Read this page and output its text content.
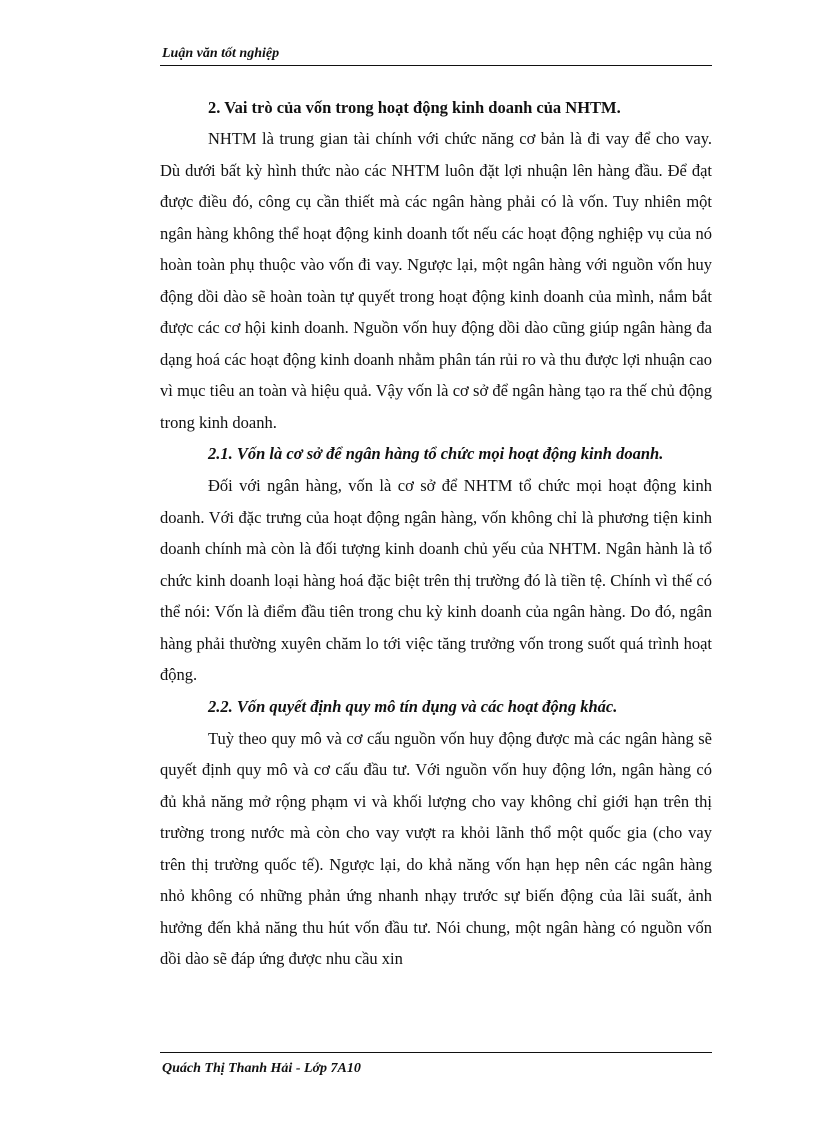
Luận văn tốt nghiệp

2. Vai trò của vốn trong hoạt động kinh doanh của NHTM.

NHTM là trung gian tài chính với chức năng cơ bản là đi vay để cho vay. Dù dưới bất kỳ hình thức nào các NHTM luôn đặt lợi nhuận lên hàng đầu. Để đạt được điều đó, công cụ cần thiết mà các ngân hàng phải có là vốn. Tuy nhiên một ngân hàng không thể hoạt động kinh doanh tốt nếu các hoạt động nghiệp vụ của nó hoàn toàn phụ thuộc vào vốn đi vay. Ngược lại, một ngân hàng với nguồn vốn huy động dồi dào sẽ hoàn toàn tự quyết trong hoạt động kinh doanh của mình, nắm bắt được các cơ hội kinh doanh. Nguồn vốn huy động dồi dào cũng giúp ngân hàng đa dạng hoá các hoạt động kinh doanh nhằm phân tán rủi ro và thu được lợi nhuận cao vì mục tiêu an toàn và hiệu quả. Vậy vốn là cơ sở để ngân hàng tạo ra thế chủ động trong kinh doanh.

2.1. Vốn là cơ sở để ngân hàng tổ chức mọi hoạt động kinh doanh.

Đối với ngân hàng, vốn là cơ sở để NHTM tổ chức mọi hoạt động kinh doanh. Với đặc trưng của hoạt động ngân hàng, vốn không chỉ là phương tiện kinh doanh chính mà còn là đối tượng kinh doanh chủ yếu của NHTM. Ngân hành là tổ chức kinh doanh loại hàng hoá đặc biệt trên thị trường đó là tiền tệ. Chính vì thế có thể nói: Vốn là điểm đầu tiên trong chu kỳ kinh doanh của ngân hàng. Do đó, ngân hàng phải thường xuyên chăm lo tới việc tăng trưởng vốn trong suốt quá trình hoạt động.

2.2. Vốn quyết định quy mô tín dụng và các hoạt động khác.

Tuỳ theo quy mô và cơ cấu nguồn vốn huy động được mà các ngân hàng sẽ quyết định quy mô và cơ cấu đầu tư. Với nguồn vốn huy động lớn, ngân hàng có đủ khả năng mở rộng phạm vi và khối lượng cho vay không chỉ giới hạn trên thị trường trong nước mà còn cho vay vượt ra khỏi lãnh thổ một quốc gia (cho vay trên thị trường quốc tế). Ngược lại, do khả năng vốn hạn hẹp nên các ngân hàng nhỏ không có những phản ứng nhanh nhạy trước sự biến động của lãi suất, ảnh hưởng đến khả năng thu hút vốn đầu tư. Nói chung, một ngân hàng có nguồn vốn dồi dào sẽ đáp ứng được nhu cầu xin

Quách Thị Thanh Hải - Lớp 7A10
